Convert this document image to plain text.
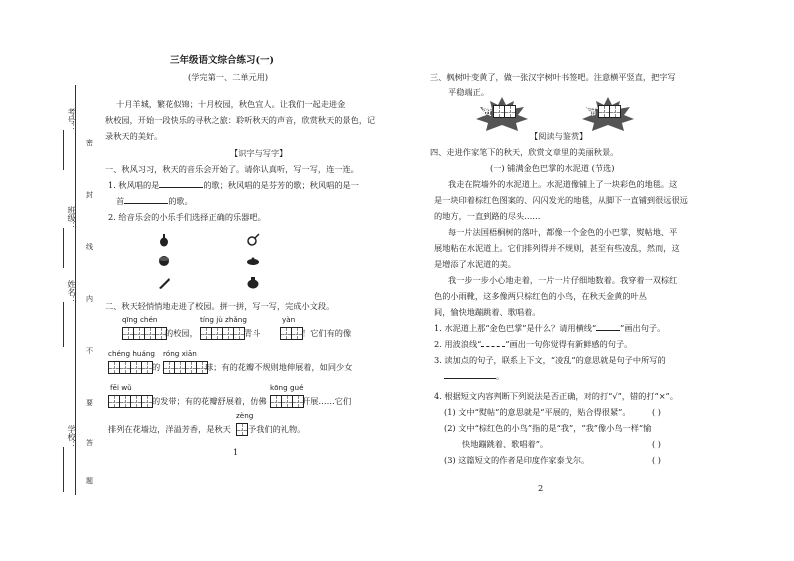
考号：
班级：
姓名：
学校：
密
封
线
内
不
要
答
题
三年级语文综合练习(一)
(学完第一、二单元用)
十月羊城，繁花似锦；十月校园，秋色宜人。让我们一起走进金
秋校园，开始一段快乐的寻秋之旅：聆听秋天的声音，欣赏秋天的景色，记
录秋天的美好。
【识字与写字】
一、秋风习习，秋天的音乐会开始了。请你认真听，写一写，连一连。
1. 秋风唱的是	的歌；秋风唱的是芬芳的歌；秋风唱的是一
首	的歌。
2. 给音乐会的小乐手们选择正确的乐器吧。
二、秋天轻悄悄地走进了校园。拼一拼，写一写，完成小文段。
qīng chén
的校园，
tíng jù zhǎng
青斗
yàn
！它们有的像
chéng huáng
的
róng xiān
球；有的花瓣不规则地伸展着，如同少女
fēi wǔ
的发带；有的花瓣舒展着，仿佛
kōng gué
开展……它们
zèng
排列在花墙边，洋溢芳香，是秋天 予我们的礼物。
1
三、枫树叶变黄了，做一张汉字树叶书签吧。注意横平竖直，把字写
平稳端正。
赞	锦
【阅读与鉴赏】
四、走进作家笔下的秋天，欣赏文章里的美丽秋景。
(一) 铺满金色巴掌的水泥道 (节选)
我走在院墙外的水泥道上。水泥道像铺上了一块彩色的地毯。这
是一块印着棕红色图案的、闪闪发光的地毯，从脚下一直铺到很远很远
的地方，一直到路的尽头……
每一片法国梧桐树的落叶，都像一个金色的小巴掌，熨帖地、平
展地粘在水泥道上。它们排列得并不规则，甚至有些凌乱，然而，这
是增添了水泥道的美。
我一步一步小心地走着，一片一片仔细地数着。我穿着一双棕红
色的小雨靴，这多像两只棕红色的小鸟，在秋天金黄的叶丛
间，愉快地蹦跳着、歌唱着。
1. 水泥道上那“金色巴掌”是什么？请用横线“	”画出句子。
2. 用波浪线“	”画出一句你觉得有新鲜感的句子。
3. 读加点的句子，联系上下文，“凌乱”的意思就是句子中所写的
。
4. 根据短文内容判断下列说法是否正确，对的打“√”，错的打“×”。
(1) 文中“熨帖”的意思就是“平展的，贴合得很紧”。	( )
(2) 文中“棕红色的小鸟”指的是“我”，“我”像小鸟一样“愉
快地蹦跳着、歌唱着”。	( )
(3) 这篇短文的作者是印度作家泰戈尔。	( )
2
